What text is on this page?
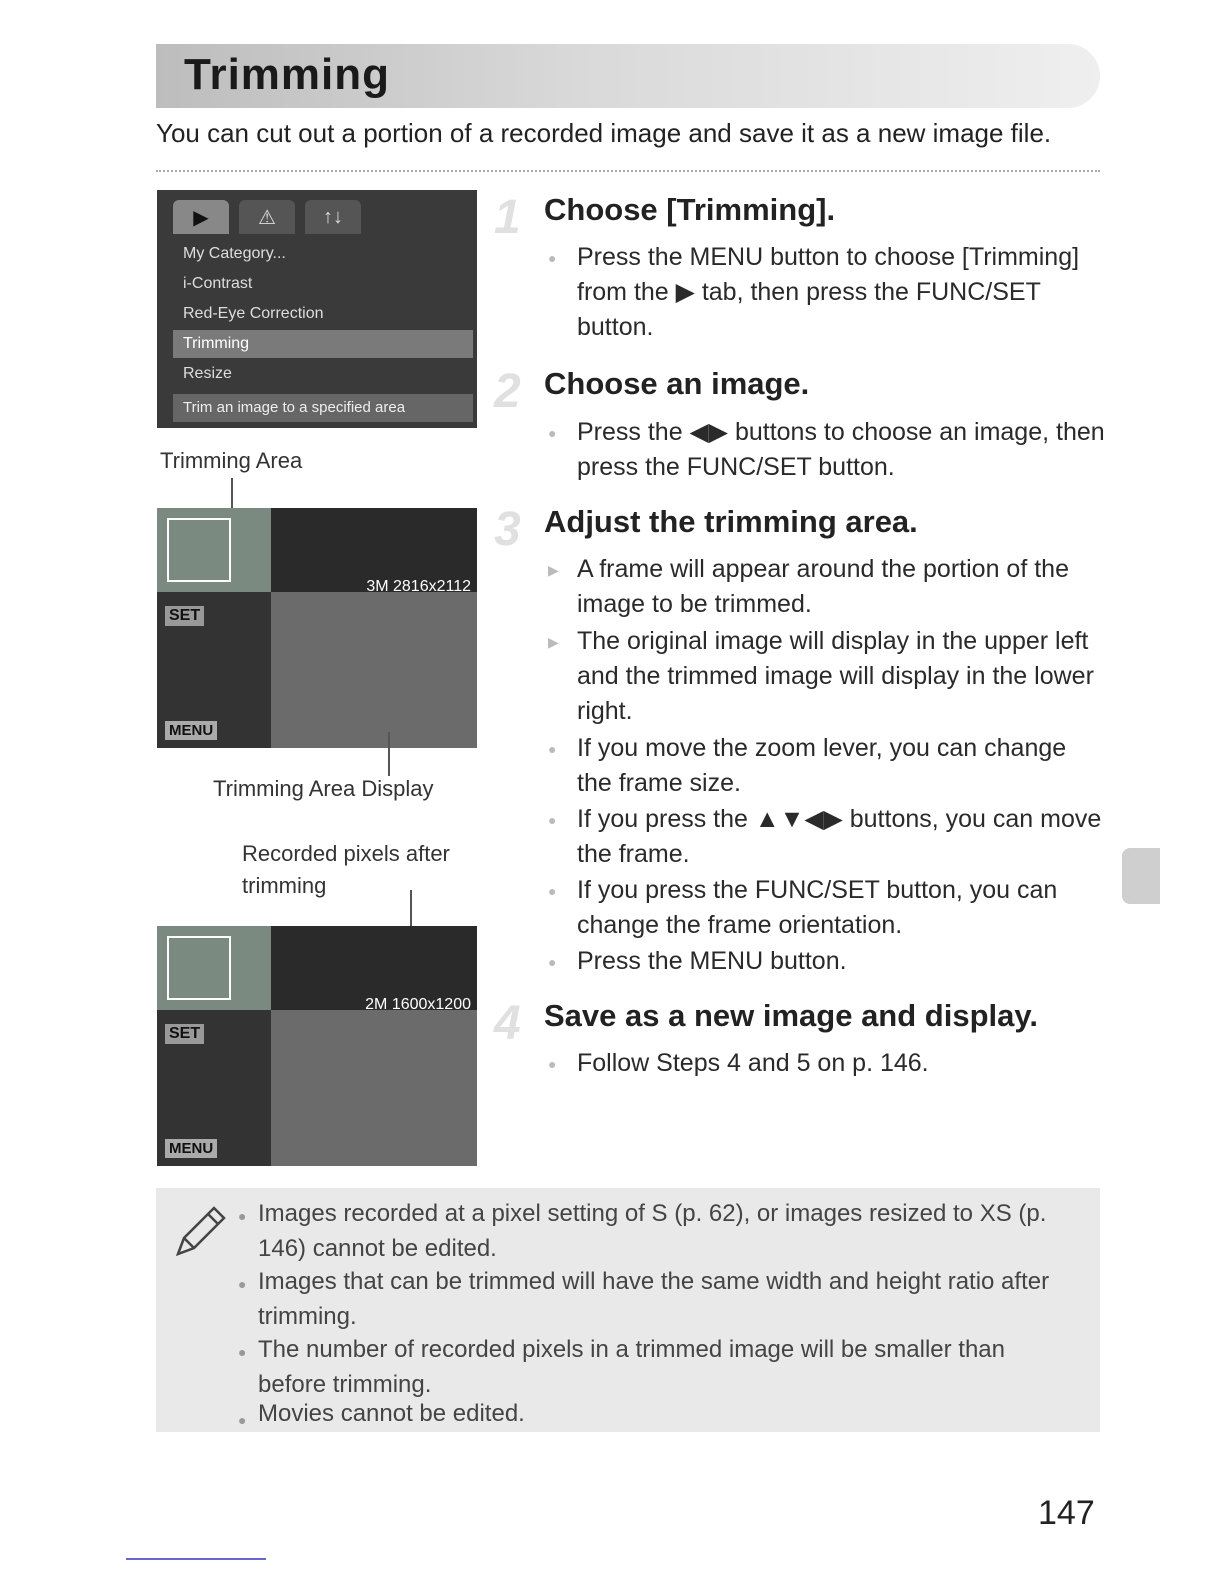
Trimming
You can cut out a portion of a recorded image and save it as a new image file.
▶	⚠	↑↓
My Category...
i-Contrast
Red-Eye Correction
Trimming
Resize
Trim an image to a specified area
Trimming Area
3M 2816x2112
SET
MENU
Trimming Area Display
Recorded pixels after trimming
2M 1600x1200
SET
MENU
1 Choose [Trimming].
● Press the MENU button to choose [Trimming] from the ▶ tab, then press the FUNC/SET button.
2 Choose an image.
● Press the ◀▶ buttons to choose an image, then press the FUNC/SET button.
3 Adjust the trimming area.
▶ A frame will appear around the portion of the image to be trimmed.
▶ The original image will display in the upper left and the trimmed image will display in the lower right.
● If you move the zoom lever, you can change the frame size.
● If you press the ▲▼◀▶ buttons, you can move the frame.
● If you press the FUNC/SET button, you can change the frame orientation.
● Press the MENU button.
4 Save as a new image and display.
● Follow Steps 4 and 5 on p. 146.
● Images recorded at a pixel setting of S (p. 62), or images resized to XS (p. 146) cannot be edited.
● Images that can be trimmed will have the same width and height ratio after trimming.
● The number of recorded pixels in a trimmed image will be smaller than before trimming.
● Movies cannot be edited.
147
